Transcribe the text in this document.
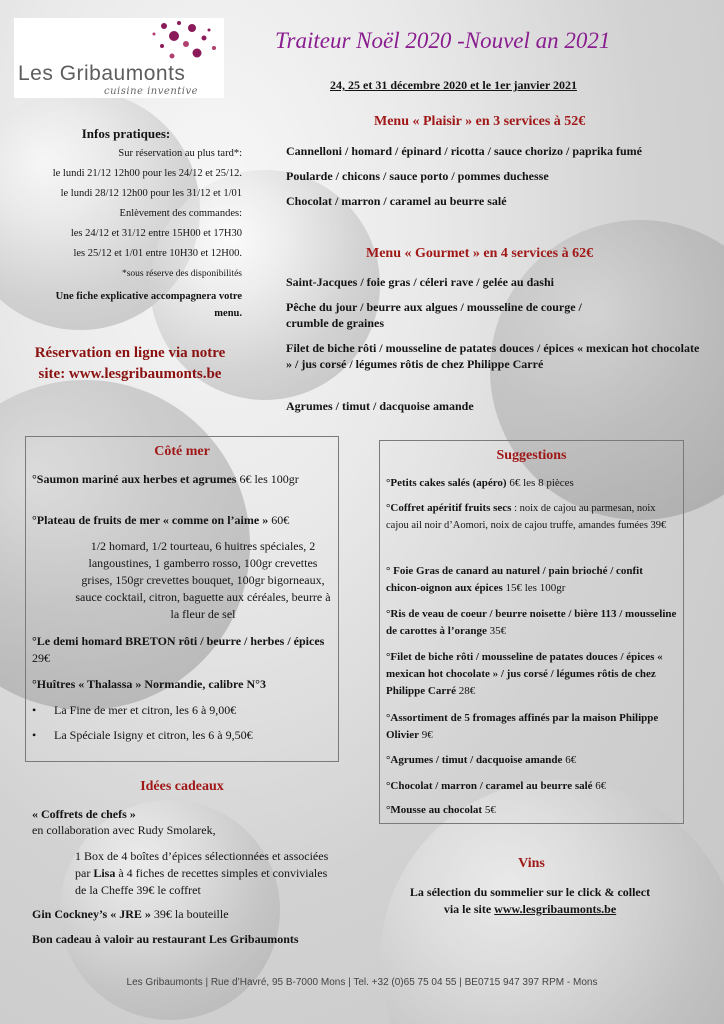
Les Gribaumonts
cuisine inventive
Traiteur Noël 2020 -Nouvel an 2021
24, 25 et 31 décembre 2020 et le 1er janvier 2021
Infos pratiques:
Sur réservation au plus tard*:
le lundi 21/12 12h00 pour les 24/12 et 25/12.
le lundi 28/12 12h00 pour les 31/12 et 1/01
Enlèvement des commandes:
les 24/12 et 31/12 entre 15H00 et 17H30
les 25/12 et 1/01 entre 10H30 et 12H00.
*sous réserve des disponibilités
Une fiche explicative accompagnera votre
menu.
Réservation en ligne via notre
site: www.lesgribaumonts.be
Menu « Plaisir » en 3 services à 52€
Cannelloni / homard / épinard / ricotta / sauce chorizo / paprika fumé
Poularde / chicons / sauce porto / pommes duchesse
Chocolat / marron / caramel au beurre salé
Menu « Gourmet » en 4 services à 62€
Saint-Jacques / foie gras / céleri rave / gelée au dashi
Pêche du jour / beurre aux algues / mousseline de courge / crumble de graines
Filet de biche rôti / mousseline de patates douces / épices « mexican hot chocolate » / jus corsé / légumes rôtis de chez Philippe Carré
Agrumes / timut / dacquoise amande
Côté mer
°Saumon mariné aux herbes et agrumes 6€ les 100gr
°Plateau de fruits de mer « comme on l’aime » 60€
1/2 homard, 1/2 tourteau, 6 huitres spéciales, 2 langoustines, 1 gamberro rosso, 100gr crevettes grises, 150gr crevettes bouquet, 100gr bigorneaux, sauce cocktail, citron, baguette aux céréales, beurre à la fleur de sel
°Le demi homard BRETON rôti / beurre / herbes / épices 29€
°Huîtres « Thalassa » Normandie, calibre N°3
• La Fine de mer et citron, les 6 à 9,00€
• La Spéciale Isigny et citron, les 6 à 9,50€
Idées cadeaux
« Coffrets de chefs »
en collaboration avec Rudy Smolarek,
1 Box de 4 boîtes d’épices sélectionnées et associées par Lisa à 4 fiches de recettes simples et conviviales de la Cheffe 39€ le coffret
Gin Cockney’s « JRE » 39€ la bouteille
Bon cadeau à valoir au restaurant Les Gribaumonts
Suggestions
°Petits cakes salés (apéro) 6€ les 8 pièces
°Coffret apéritif fruits secs : noix de cajou au parmesan, noix cajou ail noir d’Aomori, noix de cajou truffe, amandes fumées 39€
° Foie Gras de canard au naturel / pain brioché / confit chicon-oignon aux épices 15€ les 100gr
°Ris de veau de coeur / beurre noisette / bière 113 / mousseline de carottes à l’orange 35€
°Filet de biche rôti / mousseline de patates douces / épices « mexican hot chocolate » / jus corsé / légumes rôtis de chez Philippe Carré 28€
°Assortiment de 5 fromages affinés par la maison Philippe Olivier 9€
°Agrumes / timut / dacquoise amande 6€
°Chocolat / marron / caramel au beurre salé 6€
°Mousse au chocolat 5€
Vins
La sélection du sommelier sur le click & collect
via le site www.lesgribaumonts.be
Les Gribaumonts | Rue d’Havré, 95 B-7000 Mons | Tel. +32 (0)65 75 04 55 | BE0715 947 397 RPM - Mons
